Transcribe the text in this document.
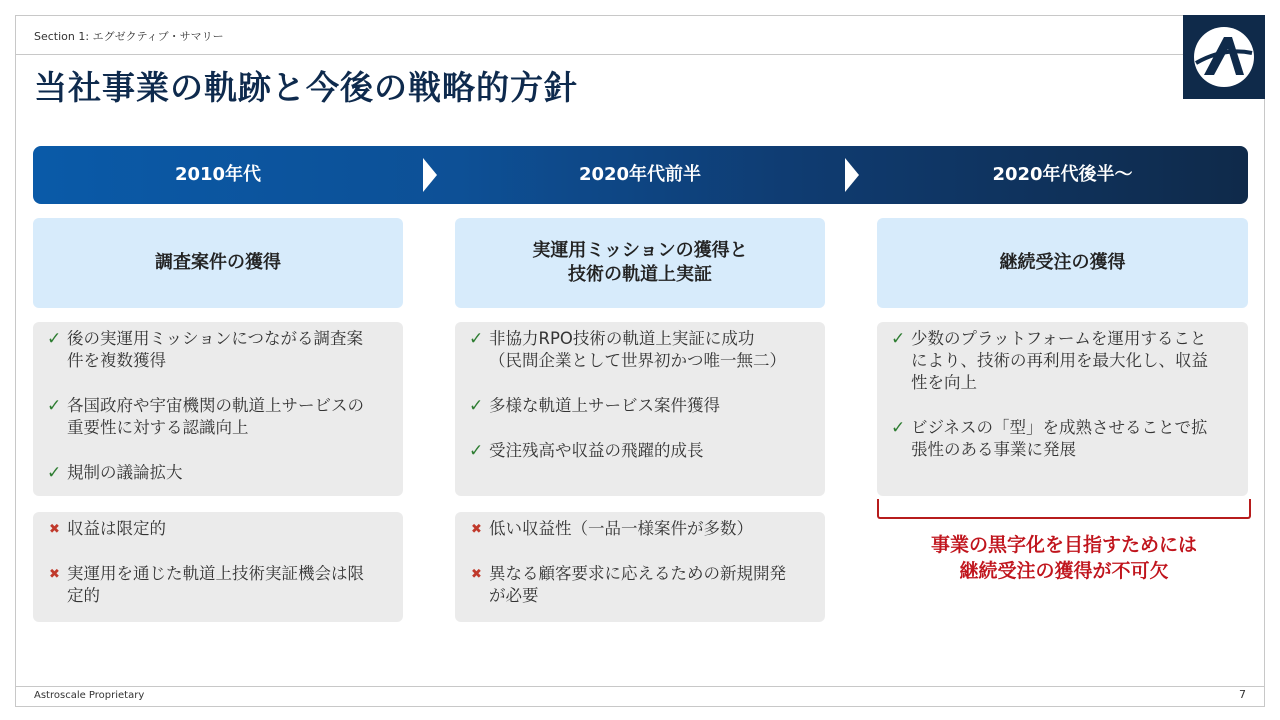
Section 1: エグゼクティブ・サマリー
当社事業の軌跡と今後の戦略的方針
2010年代	2020年代前半	2020年代後半〜
調査案件の獲得
✓ 後の実運用ミッションにつながる調査案
件を複数獲得
✓ 各国政府や宇宙機関の軌道上サービスの
重要性に対する認識向上
✓ 規制の議論拡大
✖ 収益は限定的
✖ 実運用を通じた軌道上技術実証機会は限
定的
実運用ミッションの獲得と
技術の軌道上実証
✓ 非協力RPO技術の軌道上実証に成功
（民間企業として世界初かつ唯一無二）
✓ 多様な軌道上サービス案件獲得
✓ 受注残高や収益の飛躍的成長
✖ 低い収益性（一品一様案件が多数）
✖ 異なる顧客要求に応えるための新規開発
が必要
継続受注の獲得
✓ 少数のプラットフォームを運用すること
により、技術の再利用を最大化し、収益
性を向上
✓ ビジネスの「型」を成熟させることで拡
張性のある事業に発展
事業の黒字化を目指すためには
継続受注の獲得が不可欠
Astroscale Proprietary	7
